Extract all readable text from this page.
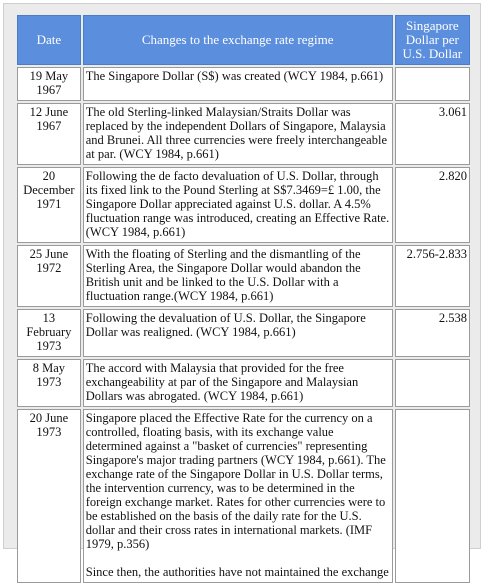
Date	Changes to the exchange rate regime	Singapore Dollar per U.S. Dollar
19 May 1967	The Singapore Dollar (S$) was created (WCY 1984, p.661)	
12 June 1967	The old Sterling-linked Malaysian/Straits Dollar was replaced by the independent Dollars of Singapore, Malaysia and Brunei. All three currencies were freely interchangeable at par. (WCY 1984, p.661)	3.061
20 December 1971	Following the de facto devaluation of U.S. Dollar, through its fixed link to the Pound Sterling at S$7.3469=£ 1.00, the Singapore Dollar appreciated against U.S. dollar. A 4.5% fluctuation range was introduced, creating an Effective Rate. (WCY 1984, p.661)	2.820
25 June 1972	With the floating of Sterling and the dismantling of the Sterling Area, the Singapore Dollar would abandon the British unit and be linked to the U.S. Dollar with a fluctuation range.(WCY 1984, p.661)	2.756-2.833
13 February 1973	Following the devaluation of U.S. Dollar, the Singapore Dollar was realigned. (WCY 1984, p.661)	2.538
8 May 1973	The accord with Malaysia that provided for the free exchangeability at par of the Singapore and Malaysian Dollars was abrogated. (WCY 1984, p.661)	
20 June 1973	Singapore placed the Effective Rate for the currency on a controlled, floating basis, with its exchange value determined against a "basket of currencies" representing Singapore's major trading partners (WCY 1984, p.661). The exchange rate of the Singapore Dollar in U.S. Dollar terms, the intervention currency, was to be determined in the foreign exchange market. Rates for other currencies were to be established on the basis of the daily rate for the U.S. dollar and their cross rates in international markets. (IMF 1979, p.356)
Since then, the authorities have not maintained the exchange	
